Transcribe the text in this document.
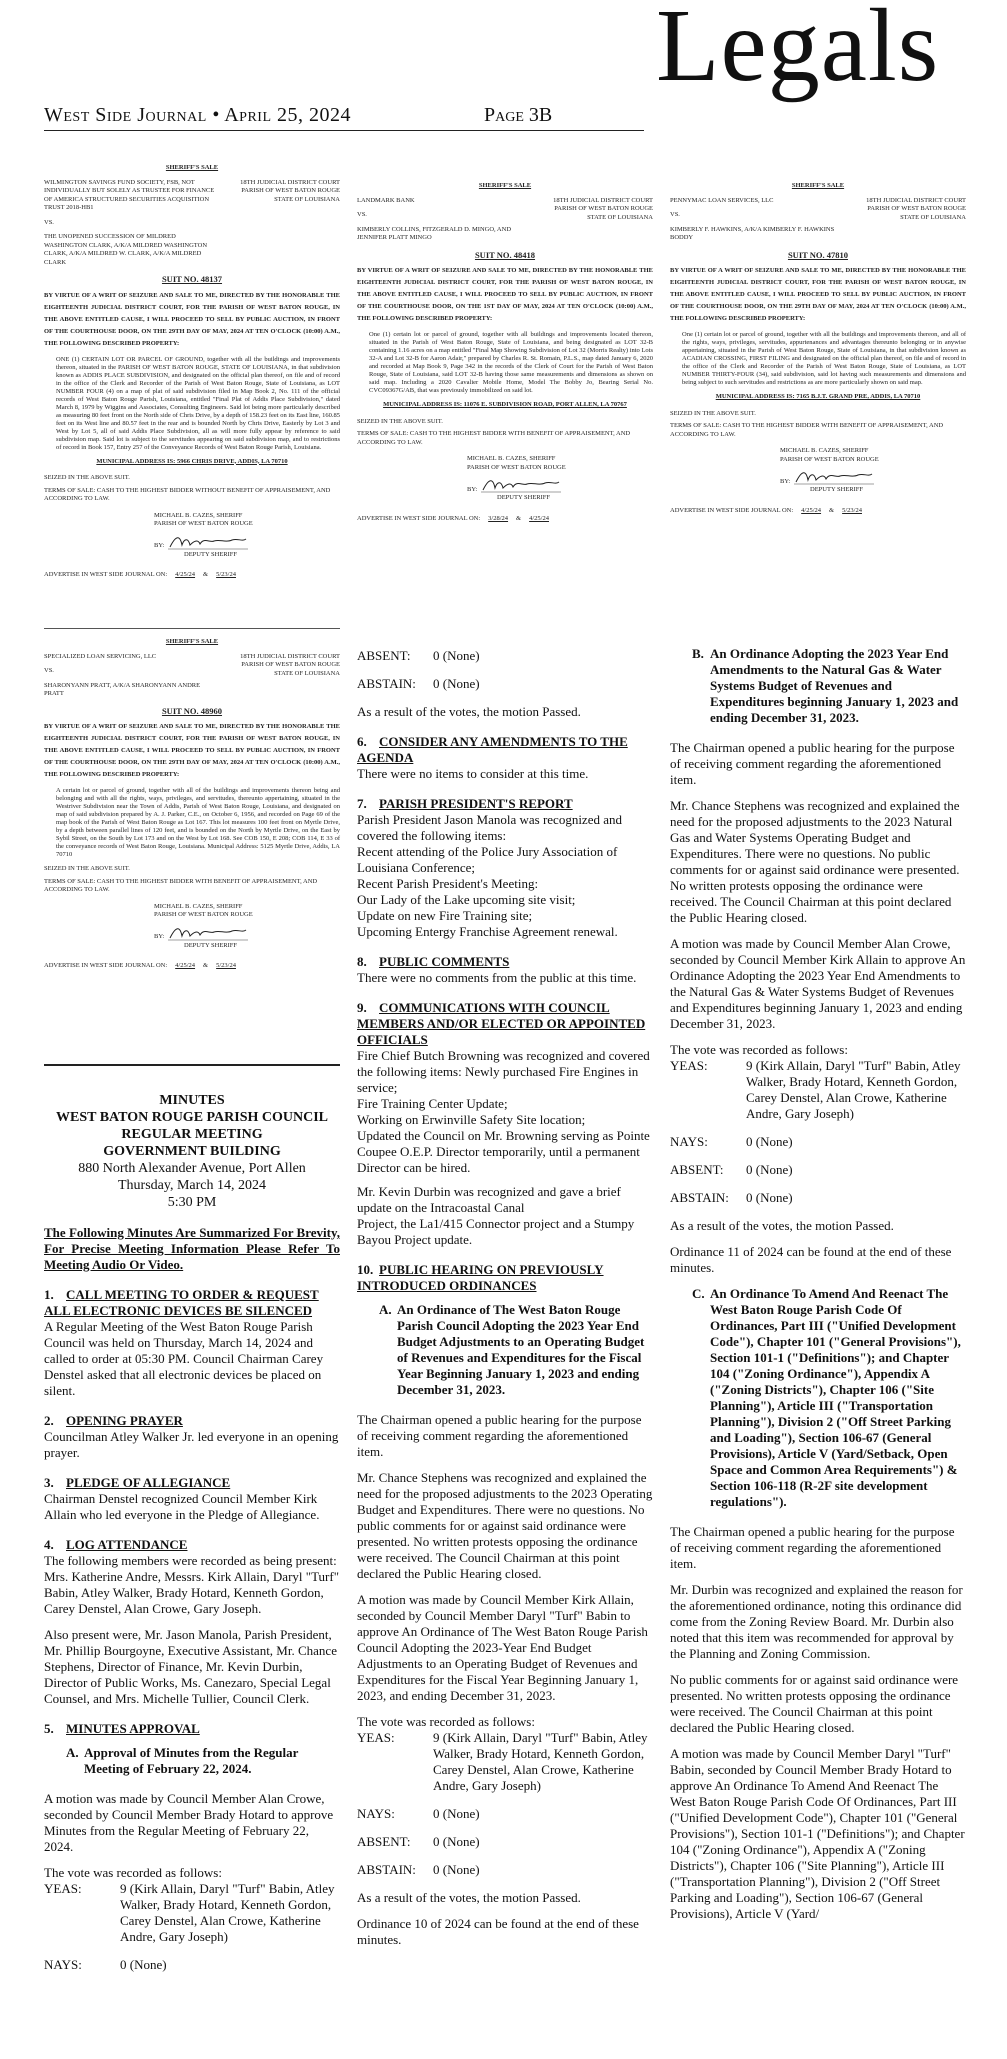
West Side Journal • April 25, 2024	Page 3B
Legals
SHERIFF'S SALE
WILMINGTON SAVINGS FUND SOCIETY, FSB, NOT INDIVIDUALLY BUT SOLELY AS TRUSTEE FOR FINANCE OF AMERICA STRUCTURED SECURITIES ACQUISITION TRUST 2018-HB1
VS.
THE UNOPENED SUCCESSION OF MILDRED WASHINGTON CLARK, A/K/A MILDRED WASHINGTON CLARK, A/K/A MILDRED W. CLARK, A/K/A MILDRED CLARK
18TH JUDICIAL DISTRICT COURT
PARISH OF WEST BATON ROUGE
STATE OF LOUISIANA
SUIT NO. 48137
BY VIRTUE OF A WRIT OF SEIZURE AND SALE TO ME, DIRECTED BY THE HONORABLE THE EIGHTEENTH JUDICIAL DISTRICT COURT, FOR THE PARISH OF WEST BATON ROUGE, IN THE ABOVE ENTITLED CAUSE, I WILL PROCEED TO SELL BY PUBLIC AUCTION, IN FRONT OF THE COURTHOUSE DOOR, ON THE 29TH DAY OF MAY, 2024 AT TEN O'CLOCK (10:00) A.M., THE FOLLOWING DESCRIBED PROPERTY:
ONE (1) CERTAIN LOT OR PARCEL OF GROUND, together with all the buildings and improvements thereon, situated in the PARISH OF WEST BATON ROUGE, STATE OF LOUISIANA, in that subdivision known as ADDIS PLACE SUBDIVISION, and designated on the official plan thereof, on file and of record in the office of the Clerk and Recorder of the Parish of West Baton Rouge, State of Louisiana, as LOT NUMBER FOUR (4) on a map of plat of said subdivision filed in Map Book 2, No. 111 of the official records of West Baton Rouge Parish, Louisiana, entitled "Final Plat of Addis Place Subdivision," dated March 8, 1979 by Wiggins and Associates, Consulting Engineers. Said lot being more particularly described as measuring 80 feet front on the North side of Chris Drive, by a depth of 158.23 feet on its East line, 160.85 feet on its West line and 80.57 feet in the rear and is bounded North by Chris Drive, Easterly by Lot 3 and West by Lot 5, all of said Addis Place Subdivision, all as will more fully appear by reference to said subdivision map. Said lot is subject to the servitudes appearing on said subdivision map, and to restrictions of record in Book 157, Entry 257 of the Conveyance Records of West Baton Rouge Parish, Louisiana.
MUNICIPAL ADDRESS IS: 5966 CHRIS DRIVE, ADDIS, LA 70710
SEIZED IN THE ABOVE SUIT.
TERMS OF SALE: CASH TO THE HIGHEST BIDDER WITHOUT BENEFIT OF APPRAISEMENT, AND ACCORDING TO LAW.
MICHAEL B. CAZES, SHERIFF
PARISH OF WEST BATON ROUGE
BY:
DEPUTY SHERIFF
ADVERTISE IN WEST SIDE JOURNAL ON: 4/25/24 & 5/23/24
SHERIFF'S SALE
LANDMARK BANK
VS.
KIMBERLY COLLINS, FITZGERALD D. MINGO, AND JENNIFER PLATT MINGO
18TH JUDICIAL DISTRICT COURT
PARISH OF WEST BATON ROUGE
STATE OF LOUISIANA
SUIT NO. 48418
BY VIRTUE OF A WRIT OF SEIZURE AND SALE TO ME, DIRECTED BY THE HONORABLE THE EIGHTEENTH JUDICIAL DISTRICT COURT, FOR THE PARISH OF WEST BATON ROUGE, IN THE ABOVE ENTITLED CAUSE, I WILL PROCEED TO SELL BY PUBLIC AUCTION, IN FRONT OF THE COURTHOUSE DOOR, ON THE 1ST DAY OF MAY, 2024 AT TEN O'CLOCK (10:00) A.M., THE FOLLOWING DESCRIBED PROPERTY:
One (1) certain lot or parcel of ground, together with all buildings and improvements located thereon, situated in the Parish of West Baton Rouge, State of Louisiana, and being designated as LOT 32-B containing 1.16 acres on a map entitled "Final Map Showing Subdivision of Lot 32 (Morris Realty) into Lots 32-A and Lot 32-B for Aaron Adair," prepared by Charles R. St. Romain, P.L.S., map dated January 6, 2020 and recorded at Map Book 9, Page 342 in the records of the Clerk of Court for the Parish of West Baton Rouge, State of Louisiana, said LOT 32-B having those same measurements and dimensions as shown on said map. Including a 2020 Cavalier Mobile Home, Model The Bobby Jo, Bearing Serial No. CVC09367G/AB, that was previously immobilized on said lot.
MUNICIPAL ADDRESS IS: 11076 E. SUBDIVISION ROAD, PORT ALLEN, LA 70767
SEIZED IN THE ABOVE SUIT.
TERMS OF SALE: CASH TO THE HIGHEST BIDDER WITH BENEFIT OF APPRAISEMENT, AND ACCORDING TO LAW.
MICHAEL B. CAZES, SHERIFF
PARISH OF WEST BATON ROUGE
BY:
DEPUTY SHERIFF
ADVERTISE IN WEST SIDE JOURNAL ON: 3/28/24 & 4/25/24
SHERIFF'S SALE
PENNYMAC LOAN SERVICES, LLC
VS.
KIMBERLY F. HAWKINS, A/K/A KIMBERLY F. HAWKINS BODDY
18TH JUDICIAL DISTRICT COURT
PARISH OF WEST BATON ROUGE
STATE OF LOUISIANA
SUIT NO. 47810
BY VIRTUE OF A WRIT OF SEIZURE AND SALE TO ME, DIRECTED BY THE HONORABLE THE EIGHTEENTH JUDICIAL DISTRICT COURT, FOR THE PARISH OF WEST BATON ROUGE, IN THE ABOVE ENTITLED CAUSE, I WILL PROCEED TO SELL BY PUBLIC AUCTION, IN FRONT OF THE COURTHOUSE DOOR, ON THE 29TH DAY OF MAY, 2024 AT TEN O'CLOCK (10:00) A.M., THE FOLLOWING DESCRIBED PROPERTY:
One (1) certain lot or parcel of ground, together with all the buildings and improvements thereon, and all of the rights, ways, privileges, servitudes, appurtenances and advantages thereunto belonging or in anywise appertaining, situated in the Parish of West Baton Rouge, State of Louisiana, in that subdivision known as ACADIAN CROSSING, FIRST FILING and designated on the official plan thereof, on file and of record in the office of the Clerk and Recorder of the Parish of West Baton Rouge, State of Louisiana, as LOT NUMBER THIRTY-FOUR (34), said subdivision, said lot having such measurements and dimensions and being subject to such servitudes and restrictions as are more particularly shown on said map.
MUNICIPAL ADDRESS IS: 7165 B.J.T. GRAND PRE, ADDIS, LA 70710
SEIZED IN THE ABOVE SUIT.
TERMS OF SALE: CASH TO THE HIGHEST BIDDER WITH BENEFIT OF APPRAISEMENT, AND ACCORDING TO LAW.
MICHAEL B. CAZES, SHERIFF
PARISH OF WEST BATON ROUGE
BY:
DEPUTY SHERIFF
ADVERTISE IN WEST SIDE JOURNAL ON: 4/25/24 & 5/23/24
SHERIFF'S SALE
SPECIALIZED LOAN SERVICING, LLC
VS.
SHARONYANN PRATT, A/K/A SHARONYANN ANDRE PRATT
18TH JUDICIAL DISTRICT COURT
PARISH OF WEST BATON ROUGE
STATE OF LOUISIANA
SUIT NO. 48960
BY VIRTUE OF A WRIT OF SEIZURE AND SALE TO ME, DIRECTED BY THE HONORABLE THE EIGHTEENTH JUDICIAL DISTRICT COURT, FOR THE PARISH OF WEST BATON ROUGE, IN THE ABOVE ENTITLED CAUSE, I WILL PROCEED TO SELL BY PUBLIC AUCTION, IN FRONT OF THE COURTHOUSE DOOR, ON THE 29TH DAY OF MAY, 2024 AT TEN O'CLOCK (10:00) A.M., THE FOLLOWING DESCRIBED PROPERTY:
A certain lot or parcel of ground, together with all of the buildings and improvements thereon being and belonging and with all the rights, ways, privileges, and servitudes, thereunto appertaining, situated in the Westriver Subdivision near the Town of Addis, Parish of West Baton Rouge, Louisiana, and designated on map of said subdivision prepared by A. J. Parker, C.E., on October 6, 1956, and recorded on Page 69 of the map book of the Parish of West Baton Rouge as Lot 167. This lot measures 100 feet front on Myrtle Drive, by a depth between parallel lines of 120 feet, and is bounded on the North by Myrtle Drive, on the East by Sybil Street, on the South by Lot 173 and on the West by Lot 168. See COB 150, E 208; COB 114, E 33 of the conveyance records of West Baton Rouge, Louisiana. Municipal Address: 5125 Myrtle Drive, Addis, LA 70710
SEIZED IN THE ABOVE SUIT.
TERMS OF SALE: CASH TO THE HIGHEST BIDDER WITH BENEFIT OF APPRAISEMENT, AND ACCORDING TO LAW.
MICHAEL B. CAZES, SHERIFF
PARISH OF WEST BATON ROUGE
BY:
DEPUTY SHERIFF
ADVERTISE IN WEST SIDE JOURNAL ON: 4/25/24 & 5/23/24
MINUTES
WEST BATON ROUGE PARISH COUNCIL
REGULAR MEETING
GOVERNMENT BUILDING
880 North Alexander Avenue, Port Allen
Thursday, March 14, 2024
5:30 PM

The Following Minutes Are Summarized For Brevity, For Precise Meeting Information Please Refer To Meeting Audio Or Video.

1. CALL MEETING TO ORDER & REQUEST ALL ELECTRONIC DEVICES BE SILENCED

A Regular Meeting of the West Baton Rouge Parish Council was held on Thursday, March 14, 2024 and called to order at 05:30 PM. Council Chairman Carey Denstel asked that all electronic devices be placed on silent.

2. OPENING PRAYER

Councilman Atley Walker Jr. led everyone in an opening prayer.

3. PLEDGE OF ALLEGIANCE

Chairman Denstel recognized Council Member Kirk Allain who led everyone in the Pledge of Allegiance.

4. LOG ATTENDANCE

The following members were recorded as being present: Mrs. Katherine Andre, Messrs. Kirk Allain, Daryl "Turf" Babin, Atley Walker, Brady Hotard, Kenneth Gordon, Carey Denstel, Alan Crowe, Gary Joseph.

Also present were, Mr. Jason Manola, Parish President, Mr. Phillip Bourgoyne, Executive Assistant, Mr. Chance Stephens, Director of Finance, Mr. Kevin Durbin, Director of Public Works, Ms. Canezaro, Special Legal Counsel, and Mrs. Michelle Tullier, Council Clerk.

5. MINUTES APPROVAL
A. Approval of Minutes from the Regular Meeting of February 22, 2024.

A motion was made by Council Member Alan Crowe, seconded by Council Member Brady Hotard to approve Minutes from the Regular Meeting of February 22, 2024.

The vote was recorded as follows:
YEAS:	9 (Kirk Allain, Daryl "Turf" Babin, Atley Walker, Brady Hotard, Kenneth Gordon, Carey Denstel, Alan Crowe, Katherine Andre, Gary Joseph)
NAYS:	0 (None)
ABSENT:	0 (None)
ABSTAIN:	0 (None)

As a result of the votes, the motion Passed.

6. CONSIDER ANY AMENDMENTS TO THE AGENDA

There were no items to consider at this time.

7. PARISH PRESIDENT'S REPORT
Parish President Jason Manola was recognized and covered the following items:
Recent attending of the Police Jury Association of Louisiana Conference;
Recent Parish President's Meeting:
Our Lady of the Lake upcoming site visit;
Update on new Fire Training site;
Upcoming Entergy Franchise Agreement renewal.
8. PUBLIC COMMENTS

There were no comments from the public at this time.

9. COMMUNICATIONS WITH COUNCIL MEMBERS AND/OR ELECTED OR APPOINTED OFFICIALS
Fire Chief Butch Browning was recognized and covered the following items: Newly purchased Fire Engines in service;
Fire Training Center Update;
Working on Erwinville Safety Site location;
Updated the Council on Mr. Browning serving as Pointe Coupee O.E.P. Director temporarily, until a permanent Director can be hired.
Mr. Kevin Durbin was recognized and gave a brief update on the Intracoastal Canal
Project, the La1/415 Connector project and a Stumpy Bayou Project update.
10. PUBLIC HEARING ON PREVIOUSLY INTRODUCED ORDINANCES
A. An Ordinance of The West Baton Rouge Parish Council Adopting the 2023 Year End Budget Adjustments to an Operating Budget of Revenues and Expenditures for the Fiscal Year Beginning January 1, 2023 and ending December 31, 2023.

The Chairman opened a public hearing for the purpose of receiving comment regarding the aforementioned item.

Mr. Chance Stephens was recognized and explained the need for the proposed adjustments to the 2023 Operating Budget and Expenditures. There were no questions. No public comments for or against said ordinance were presented. No written protests opposing the ordinance were received. The Council Chairman at this point declared the Public Hearing closed.

A motion was made by Council Member Kirk Allain, seconded by Council Member Daryl "Turf" Babin to approve An Ordinance of The West Baton Rouge Parish Council Adopting the 2023-Year End Budget Adjustments to an Operating Budget of Revenues and Expenditures for the Fiscal Year Beginning January 1, 2023, and ending December 31, 2023.

The vote was recorded as follows:
YEAS:	9 (Kirk Allain, Daryl "Turf" Babin, Atley Walker, Brady Hotard, Kenneth Gordon, Carey Denstel, Alan Crowe, Katherine Andre, Gary Joseph)
NAYS:	0 (None)
ABSENT:	0 (None)
ABSTAIN:	0 (None)

As a result of the votes, the motion Passed.

Ordinance 10 of 2024 can be found at the end of these minutes.

B. An Ordinance Adopting the 2023 Year End Amendments to the Natural Gas & Water Systems Budget of Revenues and Expenditures beginning January 1, 2023 and ending December 31, 2023.

The Chairman opened a public hearing for the purpose of receiving comment regarding the aforementioned item.

Mr. Chance Stephens was recognized and explained the need for the proposed adjustments to the 2023 Natural Gas and Water Systems Operating Budget and Expenditures. There were no questions. No public comments for or against said ordinance were presented. No written protests opposing the ordinance were received. The Council Chairman at this point declared the Public Hearing closed.

A motion was made by Council Member Alan Crowe, seconded by Council Member Kirk Allain to approve An Ordinance Adopting the 2023 Year End Amendments to the Natural Gas & Water Systems Budget of Revenues and Expenditures beginning January 1, 2023 and ending December 31, 2023.

The vote was recorded as follows:
YEAS:	9 (Kirk Allain, Daryl "Turf" Babin, Atley Walker, Brady Hotard, Kenneth Gordon, Carey Denstel, Alan Crowe, Katherine Andre, Gary Joseph)
NAYS:	0 (None)
ABSENT:	0 (None)
ABSTAIN:	0 (None)

As a result of the votes, the motion Passed.

Ordinance 11 of 2024 can be found at the end of these minutes.

C. An Ordinance To Amend And Reenact The West Baton Rouge Parish Code Of Ordinances, Part III ("Unified Development Code"), Chapter 101 ("General Provisions"), Section 101-1 ("Definitions"); and Chapter 104 ("Zoning Ordinance"), Appendix A ("Zoning Districts"), Chapter 106 ("Site Planning"), Article III ("Transportation Planning"), Division 2 ("Off Street Parking and Loading"), Section 106-67 (General Provisions), Article V (Yard/Setback, Open Space and Common Area Requirements") & Section 106-118 (R-2F site development regulations").

The Chairman opened a public hearing for the purpose of receiving comment regarding the aforementioned item.

Mr. Durbin was recognized and explained the reason for the aforementioned ordinance, noting this ordinance did come from the Zoning Review Board. Mr. Durbin also noted that this item was recommended for approval by the Planning and Zoning Commission.

No public comments for or against said ordinance were presented. No written protests opposing the ordinance were received. The Council Chairman at this point declared the Public Hearing closed.

A motion was made by Council Member Daryl "Turf" Babin, seconded by Council Member Brady Hotard to approve An Ordinance To Amend And Reenact The West Baton Rouge Parish Code Of Ordinances, Part III ("Unified Development Code"), Chapter 101 ("General Provisions"), Section 101-1 ("Definitions"); and Chapter 104 ("Zoning Ordinance"), Appendix A ("Zoning Districts"), Chapter 106 ("Site Planning"), Article III ("Transportation Planning"), Division 2 ("Off Street Parking and Loading"), Section 106-67 (General Provisions), Article V (Yard/
